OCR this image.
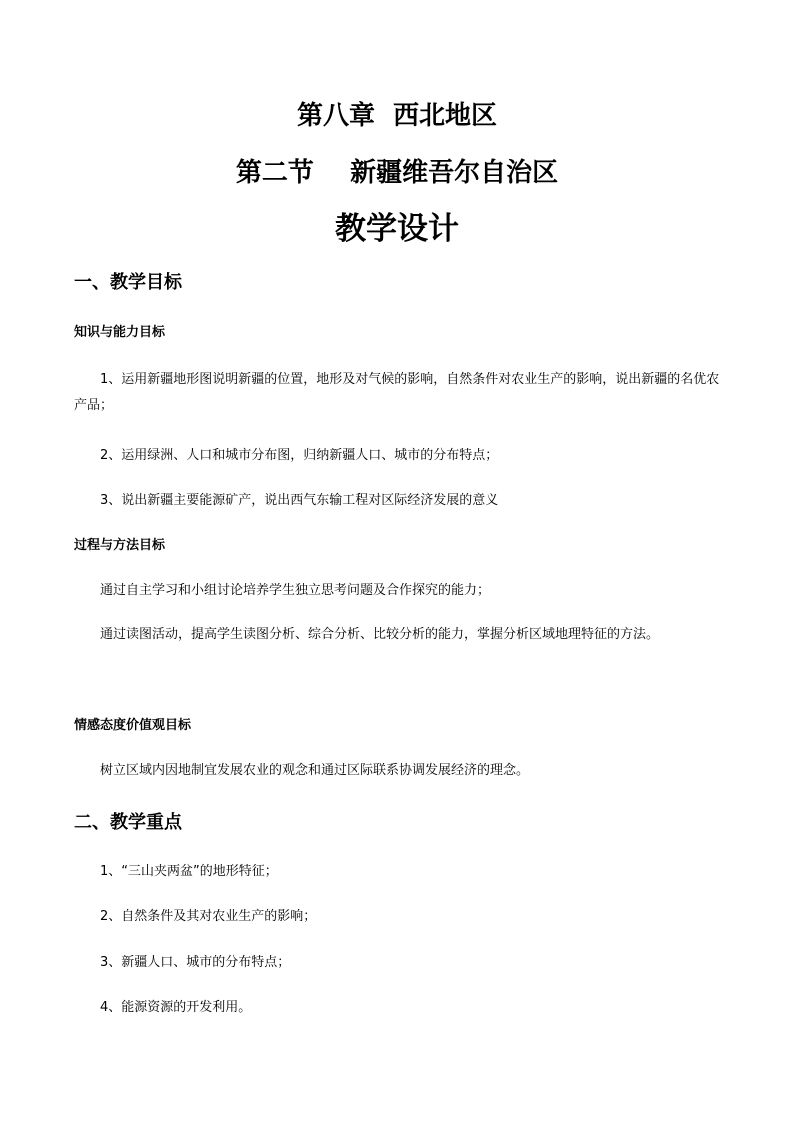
第八章  西北地区
第二节    新疆维吾尔自治区
教学设计
一、教学目标
知识与能力目标
1、运用新疆地形图说明新疆的位置，地形及对气候的影响，自然条件对农业生产的影响，说出新疆的名优农产品；
2、运用绿洲、人口和城市分布图，归纳新疆人口、城市的分布特点；
3、说出新疆主要能源矿产，说出西气东输工程对区际经济发展的意义
过程与方法目标
通过自主学习和小组讨论培养学生独立思考问题及合作探究的能力；
通过读图活动，提高学生读图分析、综合分析、比较分析的能力，掌握分析区域地理特征的方法。
情感态度价值观目标
树立区域内因地制宜发展农业的观念和通过区际联系协调发展经济的理念。
二、教学重点
1、“三山夹两盆”的地形特征；
2、自然条件及其对农业生产的影响；
3、新疆人口、城市的分布特点；
4、能源资源的开发利用。
